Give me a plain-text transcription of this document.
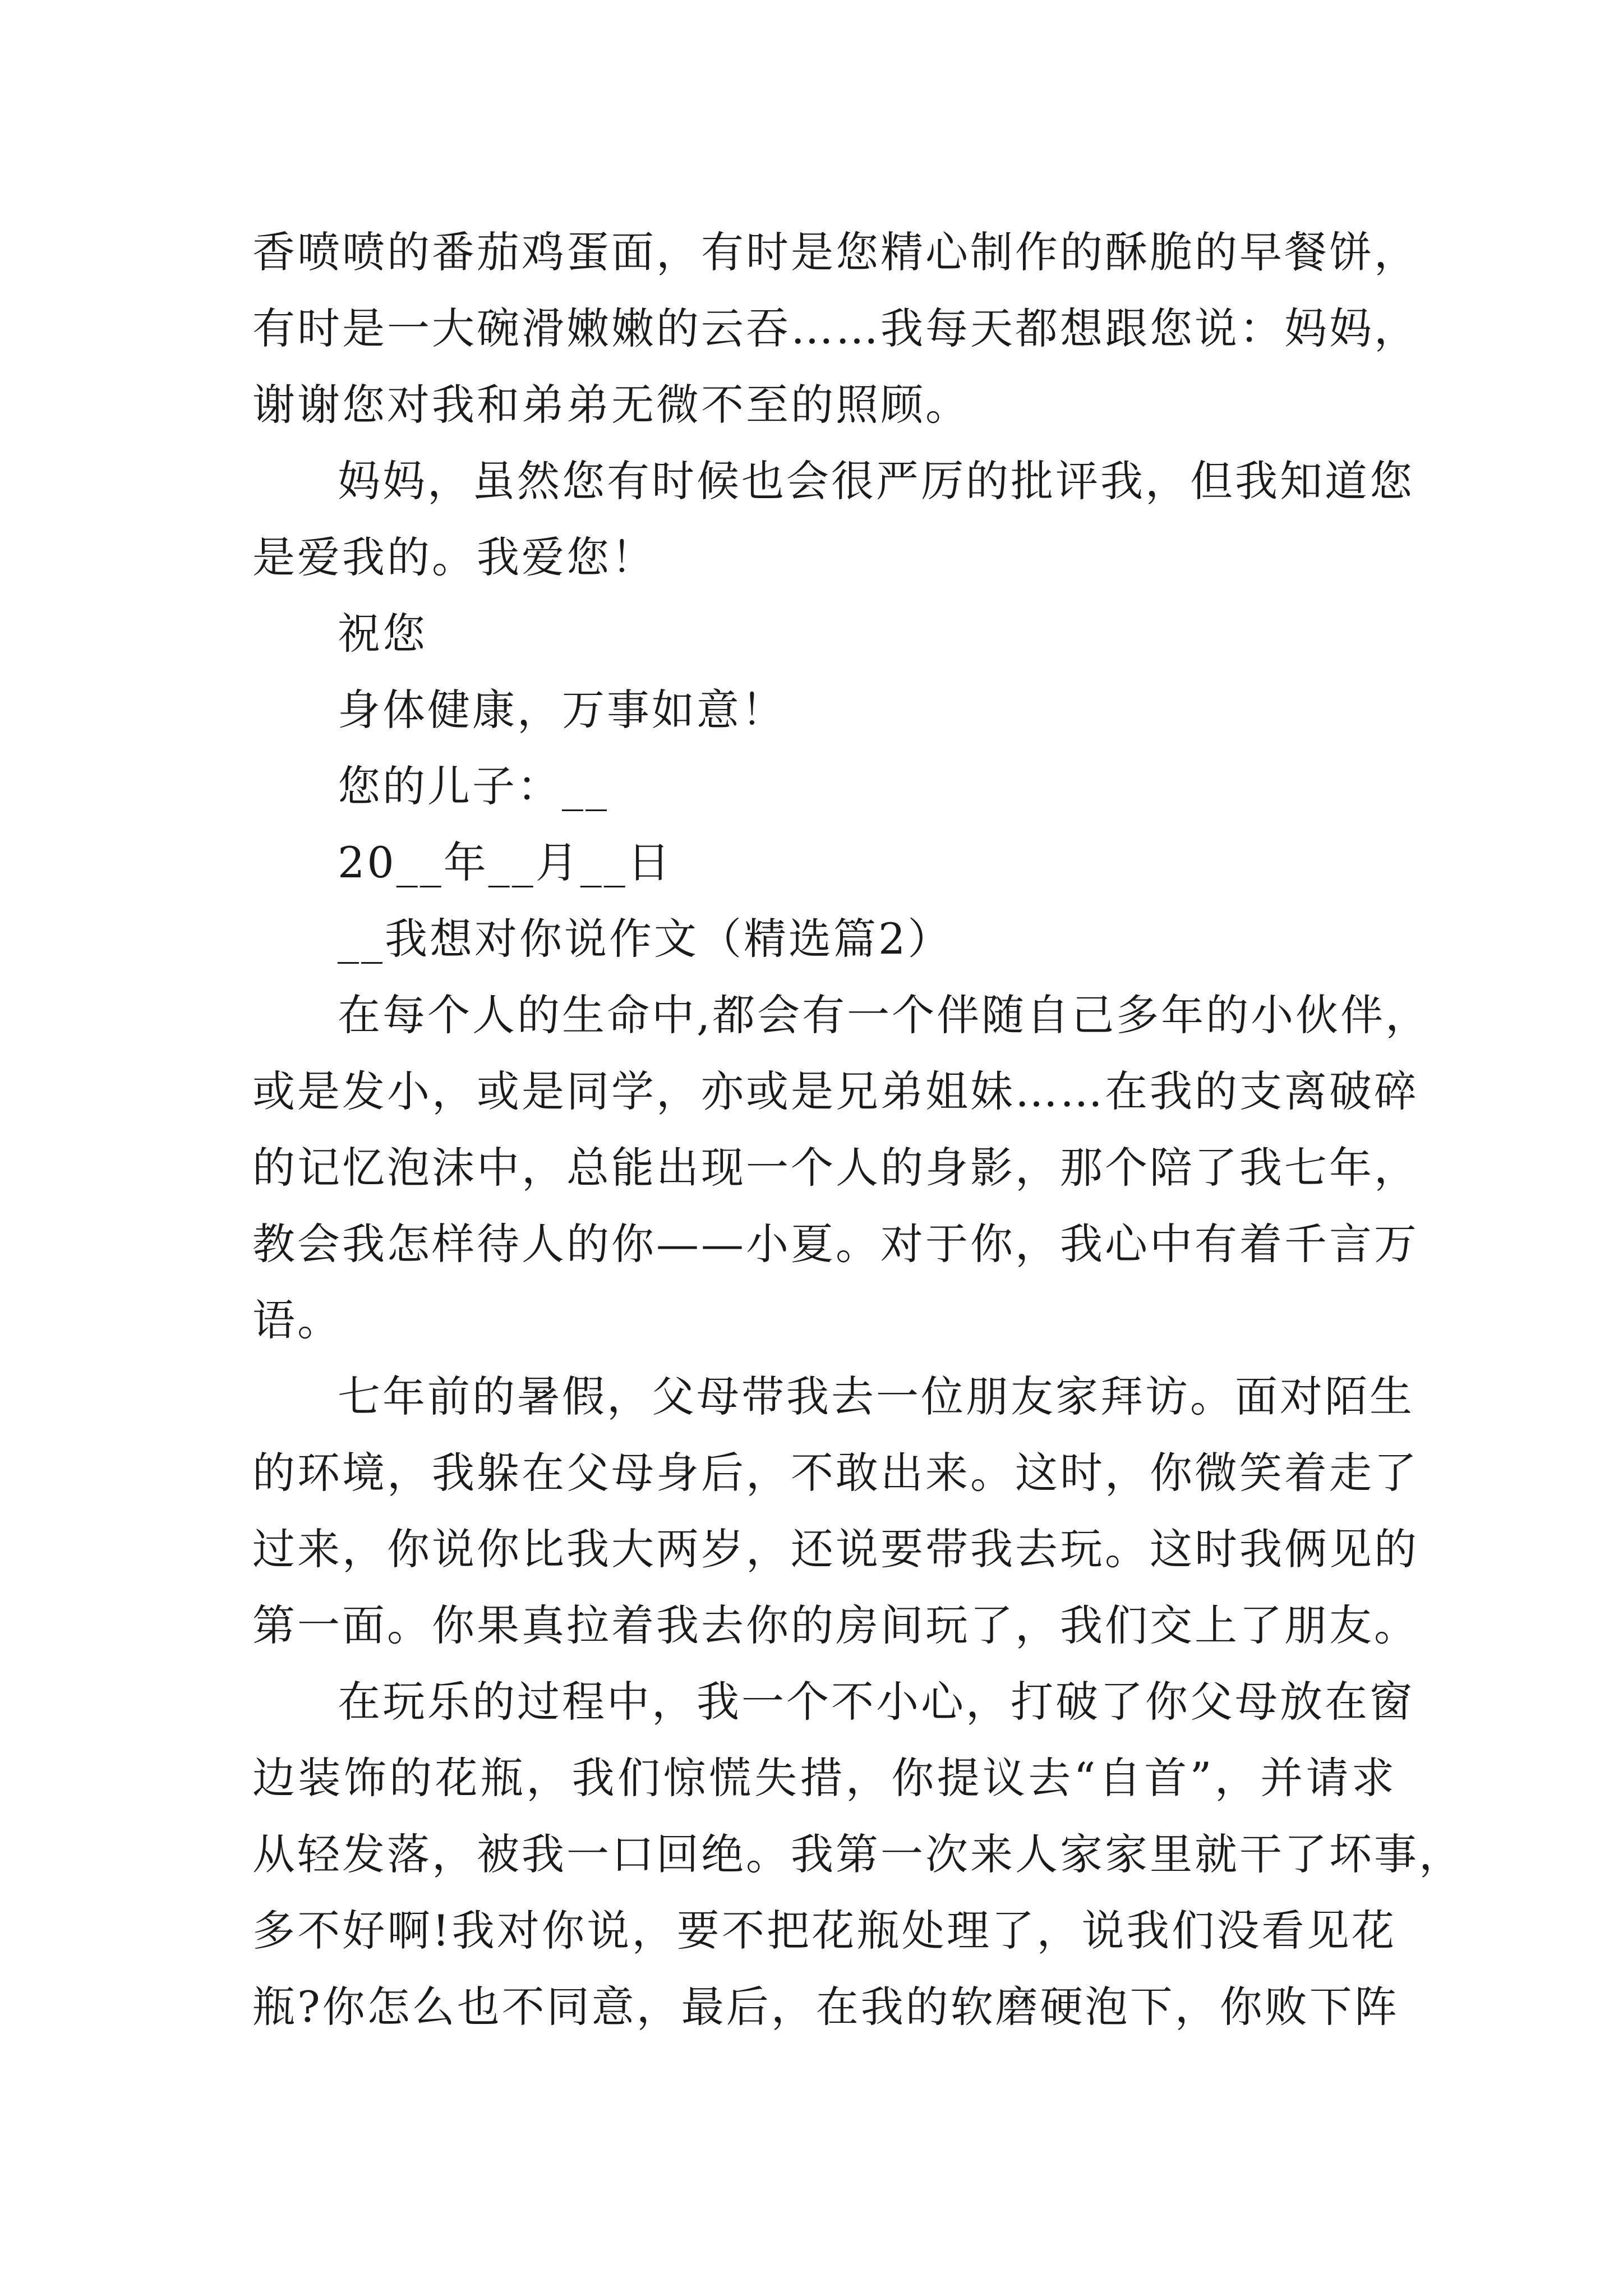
香喷喷的番茄鸡蛋面，有时是您精心制作的酥脆的早餐饼，
有时是一大碗滑嫩嫩的云吞……我每天都想跟您说：妈妈，
谢谢您对我和弟弟无微不至的照顾。
妈妈，虽然您有时候也会很严厉的批评我，但我知道您
是爱我的。我爱您！
祝您
身体健康，万事如意！
您的儿子：__
20__年__月__日
__我想对你说作文（精选篇2）
在每个人的生命中,都会有一个伴随自己多年的小伙伴，
或是发小，或是同学，亦或是兄弟姐妹……在我的支离破碎
的记忆泡沫中，总能出现一个人的身影，那个陪了我七年，
教会我怎样待人的你——小夏。对于你，我心中有着千言万
语。
七年前的暑假，父母带我去一位朋友家拜访。面对陌生
的环境，我躲在父母身后，不敢出来。这时，你微笑着走了
过来，你说你比我大两岁，还说要带我去玩。这时我俩见的
第一面。你果真拉着我去你的房间玩了，我们交上了朋友。
在玩乐的过程中，我一个不小心，打破了你父母放在窗
边装饰的花瓶，我们惊慌失措，你提议去“自首”，并请求
从轻发落，被我一口回绝。我第一次来人家家里就干了坏事，
多不好啊!我对你说，要不把花瓶处理了，说我们没看见花
瓶?你怎么也不同意，最后，在我的软磨硬泡下，你败下阵
